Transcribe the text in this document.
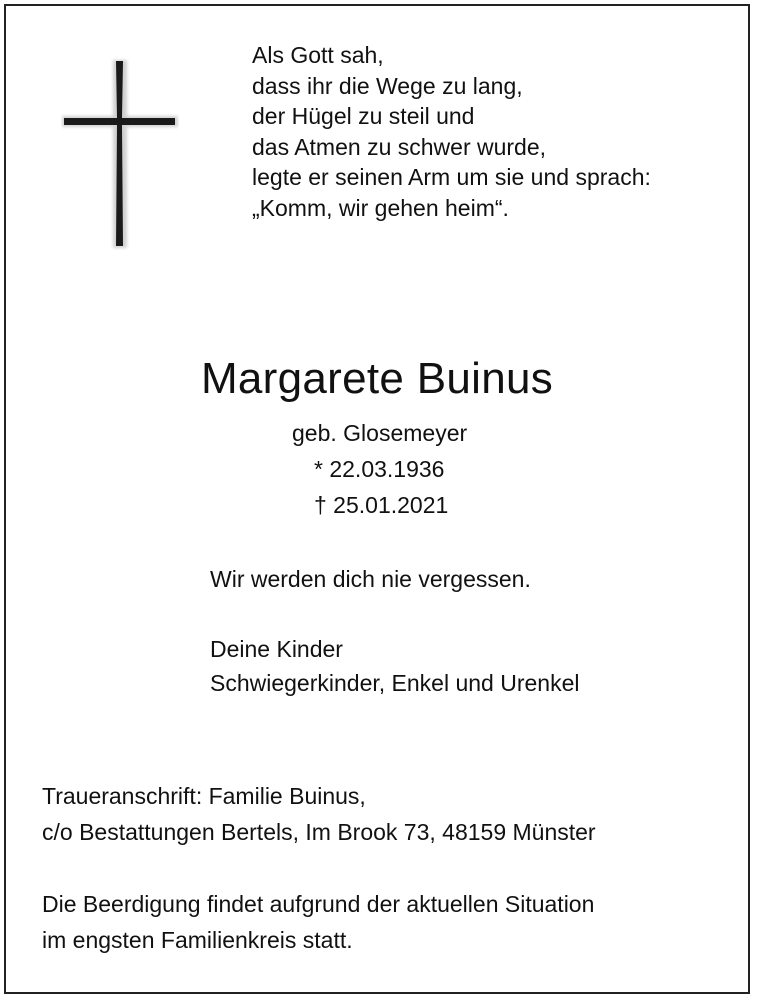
Als Gott sah,
dass ihr die Wege zu lang,
der Hügel zu steil und
das Atmen zu schwer wurde,
legte er seinen Arm um sie und sprach:
„Komm, wir gehen heim“.
Margarete Buinus
geb. Glosemeyer
* 22.03.1936
† 25.01.2021
Wir werden dich nie vergessen.
Deine Kinder
Schwiegerkinder, Enkel und Urenkel
Traueranschrift: Familie Buinus,
c/o Bestattungen Bertels, Im Brook 73, 48159 Münster
Die Beerdigung findet aufgrund der aktuellen Situation
im engsten Familienkreis statt.
